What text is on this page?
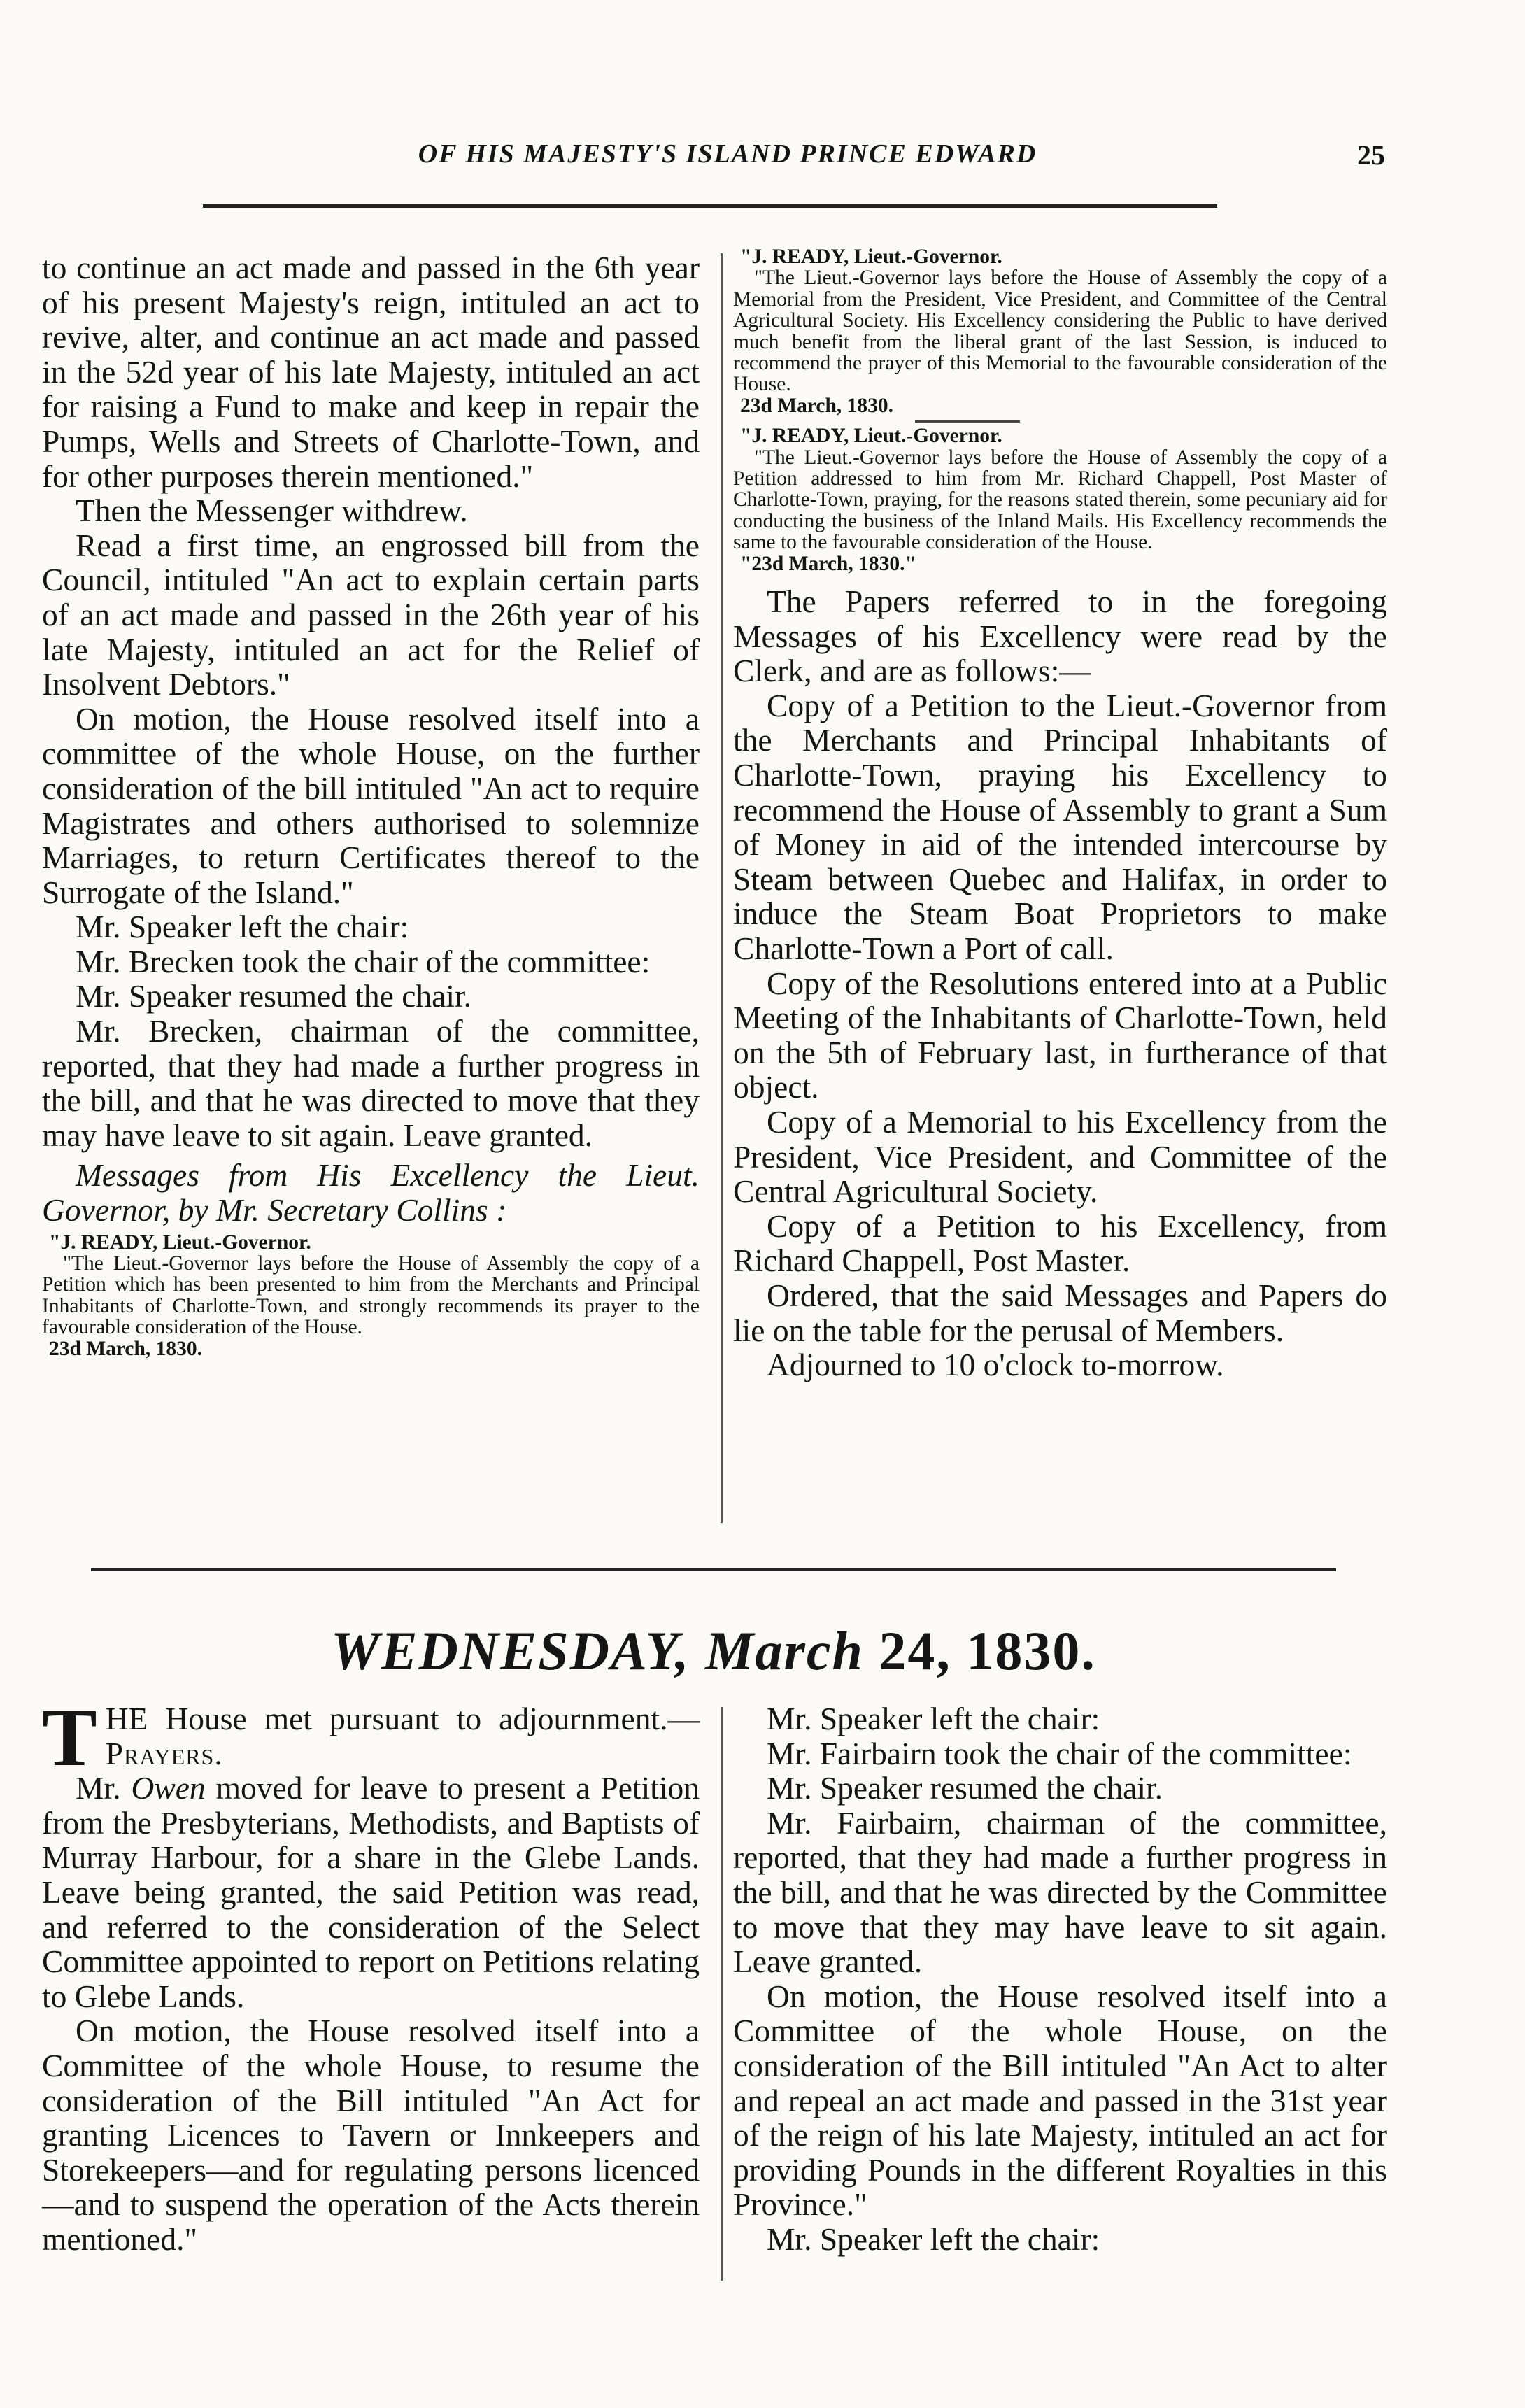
OF HIS MAJESTY'S ISLAND PRINCE EDWARD	25

to continue an act made and passed in the 6th year of his present Majesty's reign, intituled an act to revive, alter, and continue an act made and passed in the 52d year of his late Majesty, intituled an act for raising a Fund to make and keep in repair the Pumps, Wells and Streets of Charlotte-Town, and for other purposes therein mentioned."

Then the Messenger withdrew.

Read a first time, an engrossed bill from the Council, intituled "An act to explain certain parts of an act made and passed in the 26th year of his late Majesty, intituled an act for the Relief of Insolvent Debtors."

On motion, the House resolved itself into a committee of the whole House, on the further consideration of the bill intituled "An act to require Magistrates and others authorised to solemnize Marriages, to return Certificates thereof to the Surrogate of the Island."

Mr. Speaker left the chair:

Mr. Brecken took the chair of the committee:

Mr. Speaker resumed the chair.

Mr. Brecken, chairman of the committee, reported, that they had made a further progress in the bill, and that he was directed to move that they may have leave to sit again. Leave granted.

Messages from His Excellency the Lieut. Governor, by Mr. Secretary Collins :

"J. READY, Lieut.-Governor.

"The Lieut.-Governor lays before the House of Assembly the copy of a Petition which has been presented to him from the Merchants and Principal Inhabitants of Charlotte-Town, and strongly recommends its prayer to the favourable consideration of the House.

23d March, 1830.

"J. READY, Lieut.-Governor.

"The Lieut.-Governor lays before the House of Assembly the copy of a Memorial from the President, Vice President, and Committee of the Central Agricultural Society. His Excellency considering the Public to have derived much benefit from the liberal grant of the last Session, is induced to recommend the prayer of this Memorial to the favourable consideration of the House.

23d March, 1830.

"J. READY, Lieut.-Governor.

"The Lieut.-Governor lays before the House of Assembly the copy of a Petition addressed to him from Mr. Richard Chappell, Post Master of Charlotte-Town, praying, for the reasons stated therein, some pecuniary aid for conducting the business of the Inland Mails. His Excellency recommends the same to the favourable consideration of the House.

"23d March, 1830."

The Papers referred to in the foregoing Messages of his Excellency were read by the Clerk, and are as follows:—

Copy of a Petition to the Lieut.-Governor from the Merchants and Principal Inhabitants of Charlotte-Town, praying his Excellency to recommend the House of Assembly to grant a Sum of Money in aid of the intended intercourse by Steam between Quebec and Halifax, in order to induce the Steam Boat Proprietors to make Charlotte-Town a Port of call.

Copy of the Resolutions entered into at a Public Meeting of the Inhabitants of Charlotte-Town, held on the 5th of February last, in furtherance of that object.

Copy of a Memorial to his Excellency from the President, Vice President, and Committee of the Central Agricultural Society.

Copy of a Petition to his Excellency, from Richard Chappell, Post Master.

Ordered, that the said Messages and Papers do lie on the table for the perusal of Members.

Adjourned to 10 o'clock to-morrow.

WEDNESDAY, March 24, 1830.

T HE House met pursuant to adjournment.—Prayers.

Mr. Owen moved for leave to present a Petition from the Presbyterians, Methodists, and Baptists of Murray Harbour, for a share in the Glebe Lands. Leave being granted, the said Petition was read, and referred to the consideration of the Select Committee appointed to report on Petitions relating to Glebe Lands.

On motion, the House resolved itself into a Committee of the whole House, to resume the consideration of the Bill intituled "An Act for granting Licences to Tavern or Innkeepers and Storekeepers—and for regulating persons licenced—and to suspend the operation of the Acts therein mentioned."

Mr. Speaker left the chair:

Mr. Fairbairn took the chair of the committee:

Mr. Speaker resumed the chair.

Mr. Fairbairn, chairman of the committee, reported, that they had made a further progress in the bill, and that he was directed by the Committee to move that they may have leave to sit again. Leave granted.

On motion, the House resolved itself into a Committee of the whole House, on the consideration of the Bill intituled "An Act to alter and repeal an act made and passed in the 31st year of the reign of his late Majesty, intituled an act for providing Pounds in the different Royalties in this Province."

Mr. Speaker left the chair:
